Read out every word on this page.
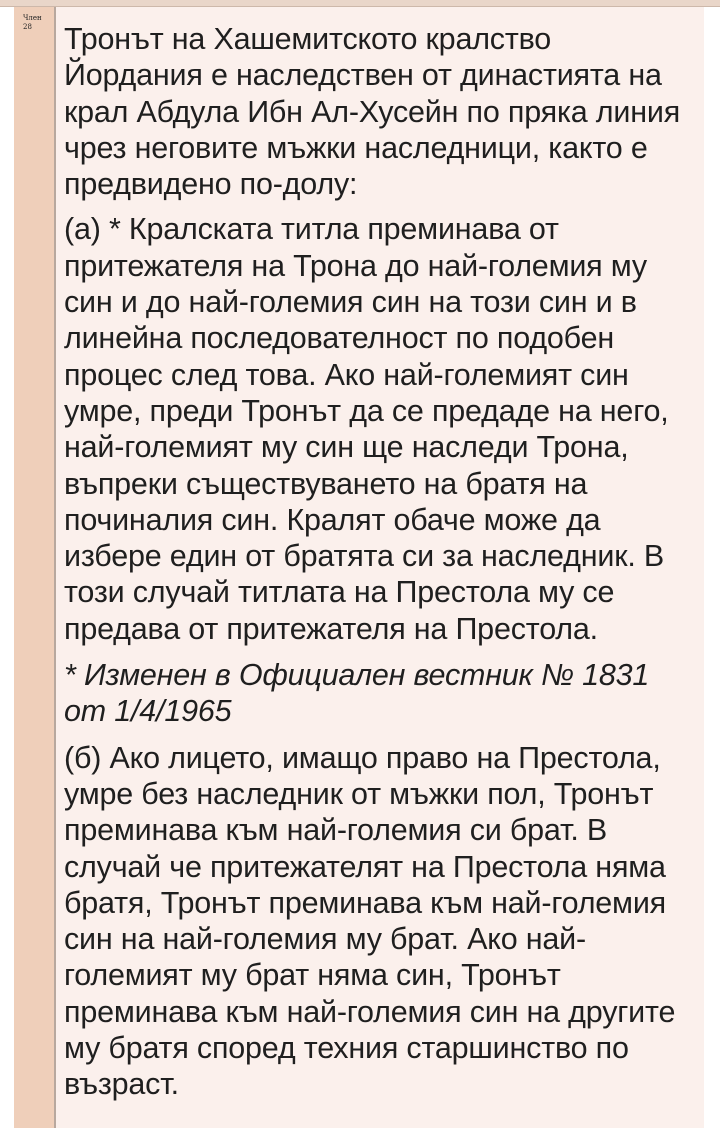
Член
28	Тронът на Хашемитското кралство Йордания е наследствен от династията на крал Абдула Ибн Ал-Хусейн по пряка линия чрез неговите мъжки наследници, както е предвидено по-долу:

(а) * Кралската титла преминава от притежателя на Трона до най-големия му син и до най-големия син на този син и в линейна последователност по подобен процес след това. Ако най-големият син умре, преди Тронът да се предаде на него, най-големият му син ще наследи Трона, въпреки съществуването на братя на починалия син. Кралят обаче може да избере един от братята си за наследник. В този случай титлата на Престола му се предава от притежателя на Престола.

* Изменен в Официален вестник № 1831 от 1/4/1965

(б) Ако лицето, имащо право на Престола, умре без наследник от мъжки пол, Тронът преминава към най-големия си брат. В случай че притежателят на Престола няма братя, Тронът преминава към най-големия син на най-големия му брат. Ако най-големият му брат няма син, Тронът преминава към най-големия син на другите му братя според техния старшинство по възраст.
